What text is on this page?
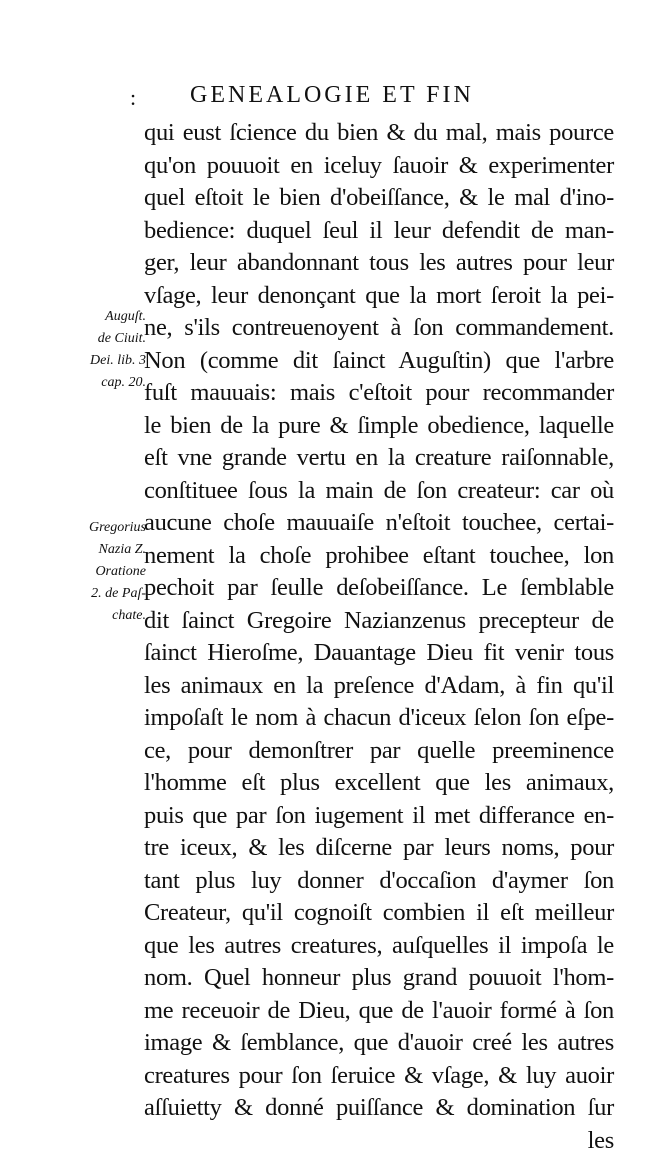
: GENEALOGIE ET FIN
Auguſt.
de Ciuit.
Dei. lib. 3
cap. 20.
Gregorius
Nazia Z.
Oratione
2. de Paſ-
chate.
qui eust ſcience du bien & du mal, mais pource
qu'on pouuoit en iceluy ſauoir & experimenter
quel eſtoit le bien d'obeiſſance, & le mal d'ino-
bedience: duquel ſeul il leur defendit de man-
ger, leur abandonnant tous les autres pour leur
vſage, leur denonçant que la mort ſeroit la pei-
ne, s'ils contreuenoyent à ſon commandement.
Non (comme dit ſainct Auguſtin) que l'arbre
fuſt mauuais: mais c'eſtoit pour recommander
le bien de la pure & ſimple obedience, laquelle
eſt vne grande vertu en la creature raiſonnable,
conſtituee ſous la main de ſon createur: car où
aucune choſe mauuaiſe n'eſtoit touchee, certai-
nement la choſe prohibee eſtant touchee, lon
pechoit par ſeulle deſobeiſſance. Le ſemblable
dit ſainct Gregoire Nazianzenus precepteur de
ſainct Hieroſme, Dauantage Dieu fit venir tous
les animaux en la preſence d'Adam, à fin qu'il
impoſaſt le nom à chacun d'iceux ſelon ſon eſpe-
ce, pour demonſtrer par quelle preeminence
l'homme eſt plus excellent que les animaux,
puis que par ſon iugement il met differance en-
tre iceux, & les diſcerne par leurs noms, pour
tant plus luy donner d'occaſion d'aymer ſon
Createur, qu'il cognoiſt combien il eſt meilleur
que les autres creatures, auſquelles il impoſa le
nom. Quel honneur plus grand pouuoit l'hom-
me receuoir de Dieu, que de l'auoir formé à ſon
image & ſemblance, que d'auoir creé les autres
creatures pour ſon ſeruice & vſage, & luy auoir
aſſuietty & donné puiſſance & domination ſur
les
